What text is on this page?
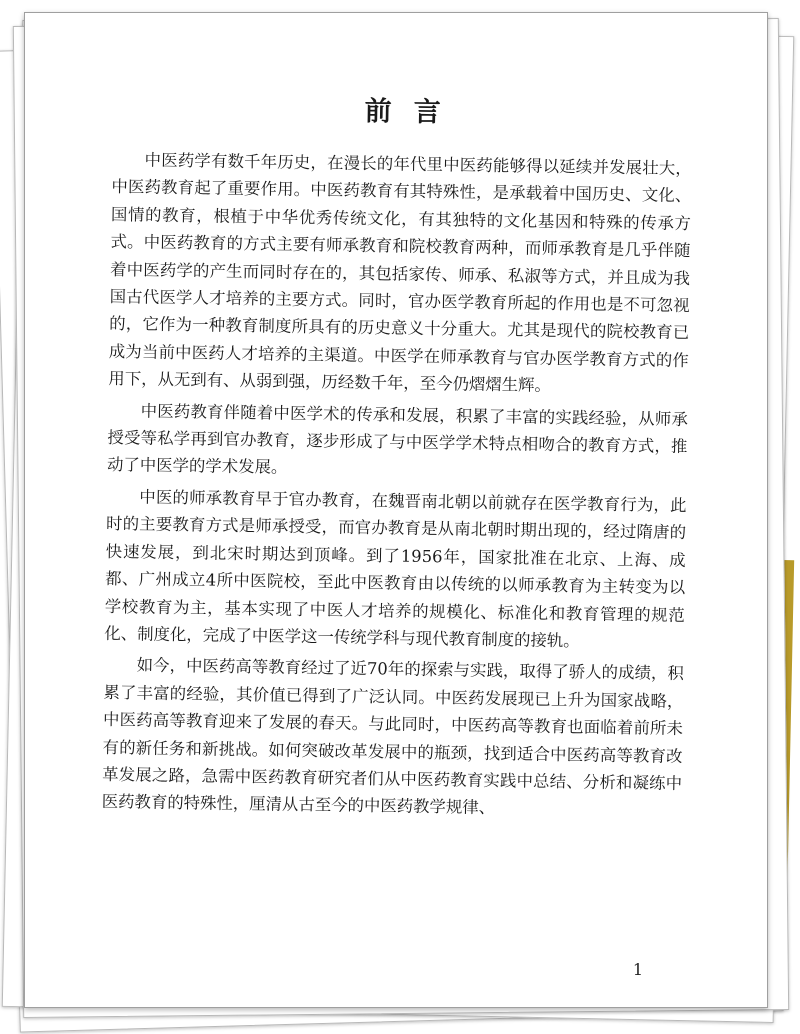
前言

中医药学有数千年历史，在漫长的年代里中医药能够得以延续并发展壮大，中医药教育起了重要作用。中医药教育有其特殊性，是承载着中国历史、文化、国情的教育，根植于中华优秀传统文化，有其独特的文化基因和特殊的传承方式。中医药教育的方式主要有师承教育和院校教育两种，而师承教育是几乎伴随着中医药学的产生而同时存在的，其包括家传、师承、私淑等方式，并且成为我国古代医学人才培养的主要方式。同时，官办医学教育所起的作用也是不可忽视的，它作为一种教育制度所具有的历史意义十分重大。尤其是现代的院校教育已成为当前中医药人才培养的主渠道。中医学在师承教育与官办医学教育方式的作用下，从无到有、从弱到强，历经数千年，至今仍熠熠生辉。

中医药教育伴随着中医学术的传承和发展，积累了丰富的实践经验，从师承授受等私学再到官办教育，逐步形成了与中医学学术特点相吻合的教育方式，推动了中医学的学术发展。

中医的师承教育早于官办教育，在魏晋南北朝以前就存在医学教育行为，此时的主要教育方式是师承授受，而官办教育是从南北朝时期出现的，经过隋唐的快速发展，到北宋时期达到顶峰。到了1956年，国家批准在北京、上海、成都、广州成立4所中医院校，至此中医教育由以传统的以师承教育为主转变为以学校教育为主，基本实现了中医人才培养的规模化、标准化和教育管理的规范化、制度化，完成了中医学这一传统学科与现代教育制度的接轨。

如今，中医药高等教育经过了近70年的探索与实践，取得了骄人的成绩，积累了丰富的经验，其价值已得到了广泛认同。中医药发展现已上升为国家战略，中医药高等教育迎来了发展的春天。与此同时，中医药高等教育也面临着前所未有的新任务和新挑战。如何突破改革发展中的瓶颈，找到适合中医药高等教育改革发展之路，急需中医药教育研究者们从中医药教育实践中总结、分析和凝练中医药教育的特殊性，厘清从古至今的中医药教学规律、

1
